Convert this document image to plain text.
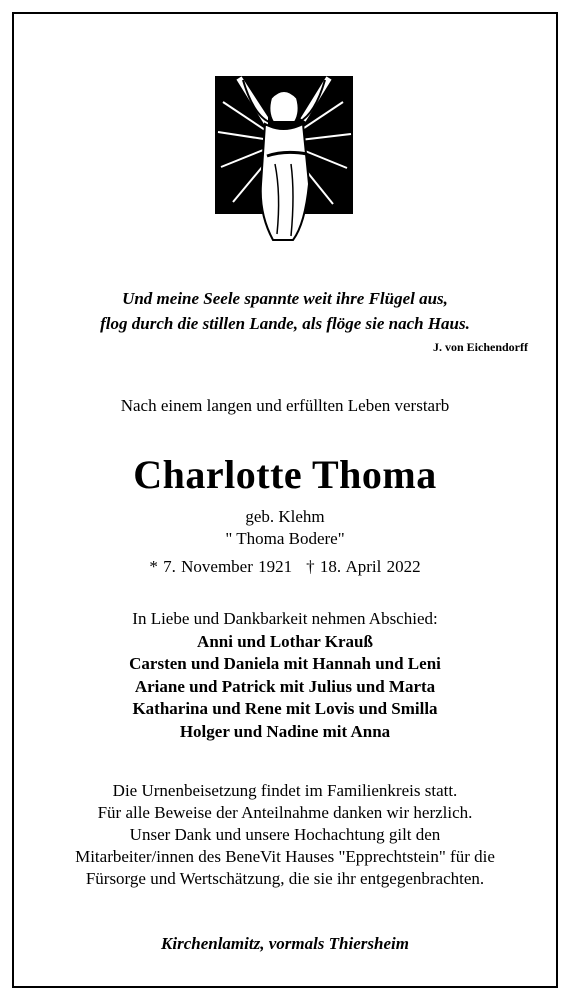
Und meine Seele spannte weit ihre Flügel aus,
flog durch die stillen Lande, als flöge sie nach Haus.
J. von Eichendorff
Nach einem langen und erfüllten Leben verstarb
Charlotte Thoma
geb. Klehm
" Thoma Bodere"
* 7. November 1921 † 18. April 2022
In Liebe und Dankbarkeit nehmen Abschied:
Anni und Lothar Krauß
Carsten und Daniela mit Hannah und Leni
Ariane und Patrick mit Julius und Marta
Katharina und Rene mit Lovis und Smilla
Holger und Nadine mit Anna
Die Urnenbeisetzung findet im Familienkreis statt.
Für alle Beweise der Anteilnahme danken wir herzlich.
Unser Dank und unsere Hochachtung gilt den
Mitarbeiter/innen des BeneVit Hauses "Epprechtstein" für die
Fürsorge und Wertschätzung, die sie ihr entgegenbrachten.
Kirchenlamitz, vormals Thiersheim
